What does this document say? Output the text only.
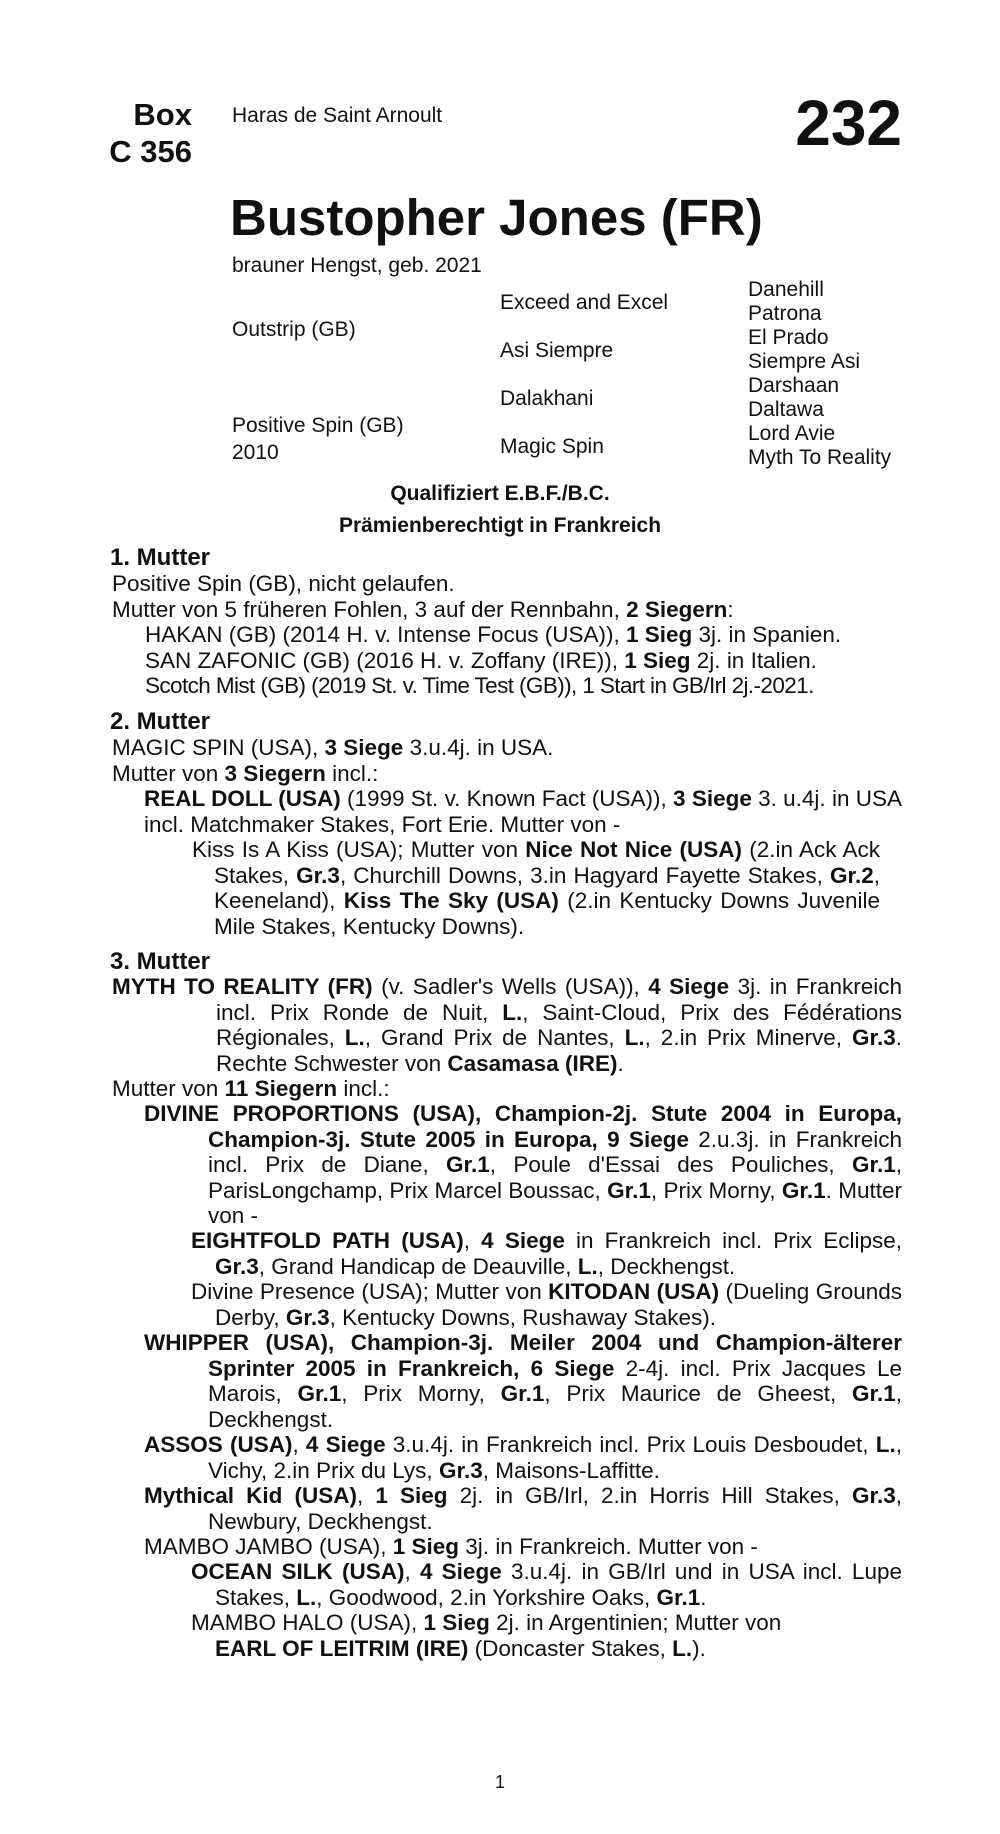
Box
C 356
Haras de Saint Arnoult	232
Bustopher Jones (FR)
brauner Hengst, geb. 2021
Outstrip (GB)
Positive Spin (GB)
2010
Exceed and Excel
Asi Siempre
Dalakhani
Magic Spin
Danehill
Patrona
El Prado
Siempre Asi
Darshaan
Daltawa
Lord Avie
Myth To Reality
Qualifiziert E.B.F./B.C.
Prämienberechtigt in Frankreich
1. Mutter
Positive Spin (GB), nicht gelaufen.
Mutter von 5 früheren Fohlen, 3 auf der Rennbahn, 2 Siegern:
HAKAN (GB) (2014 H. v. Intense Focus (USA)), 1 Sieg 3j. in Spanien.
SAN ZAFONIC (GB) (2016 H. v. Zoffany (IRE)), 1 Sieg 2j. in Italien.
Scotch Mist (GB) (2019 St. v. Time Test (GB)), 1 Start in GB/Irl 2j.-2021.
2. Mutter
MAGIC SPIN (USA), 3 Siege 3.u.4j. in USA.
Mutter von 3 Siegern incl.:
REAL DOLL (USA) (1999 St. v. Known Fact (USA)), 3 Siege 3. u.4j. in USA incl. Matchmaker Stakes, Fort Erie. Mutter von -
Kiss Is A Kiss (USA); Mutter von Nice Not Nice (USA) (2.in Ack Ack Stakes, Gr.3, Churchill Downs, 3.in Hagyard Fayette Stakes, Gr.2, Keeneland), Kiss The Sky (USA) (2.in Kentucky Downs Juvenile Mile Stakes, Kentucky Downs).
3. Mutter
MYTH TO REALITY (FR) (v. Sadler's Wells (USA)), 4 Siege 3j. in Frankreich incl. Prix Ronde de Nuit, L., Saint-Cloud, Prix des Fédérations Régionales, L., Grand Prix de Nantes, L., 2.in Prix Minerve, Gr.3. Rechte Schwester von Casamasa (IRE).
Mutter von 11 Siegern incl.:
DIVINE PROPORTIONS (USA), Champion-2j. Stute 2004 in Europa, Champion-3j. Stute 2005 in Europa, 9 Siege 2.u.3j. in Frankreich incl. Prix de Diane, Gr.1, Poule d'Essai des Pouliches, Gr.1, ParisLongchamp, Prix Marcel Boussac, Gr.1, Prix Morny, Gr.1. Mutter von -
EIGHTFOLD PATH (USA), 4 Siege in Frankreich incl. Prix Eclipse, Gr.3, Grand Handicap de Deauville, L., Deckhengst.
Divine Presence (USA); Mutter von KITODAN (USA) (Dueling Grounds Derby, Gr.3, Kentucky Downs, Rushaway Stakes).
WHIPPER (USA), Champion-3j. Meiler 2004 und Champion-älterer Sprinter 2005 in Frankreich, 6 Siege 2-4j. incl. Prix Jacques Le Marois, Gr.1, Prix Morny, Gr.1, Prix Maurice de Gheest, Gr.1, Deckhengst.
ASSOS (USA), 4 Siege 3.u.4j. in Frankreich incl. Prix Louis Desboudet, L., Vichy, 2.in Prix du Lys, Gr.3, Maisons-Laffitte.
Mythical Kid (USA), 1 Sieg 2j. in GB/Irl, 2.in Horris Hill Stakes, Gr.3, Newbury, Deckhengst.
MAMBO JAMBO (USA), 1 Sieg 3j. in Frankreich. Mutter von -
OCEAN SILK (USA), 4 Siege 3.u.4j. in GB/Irl und in USA incl. Lupe Stakes, L., Goodwood, 2.in Yorkshire Oaks, Gr.1.
MAMBO HALO (USA), 1 Sieg 2j. in Argentinien; Mutter von
EARL OF LEITRIM (IRE) (Doncaster Stakes, L.).
1
